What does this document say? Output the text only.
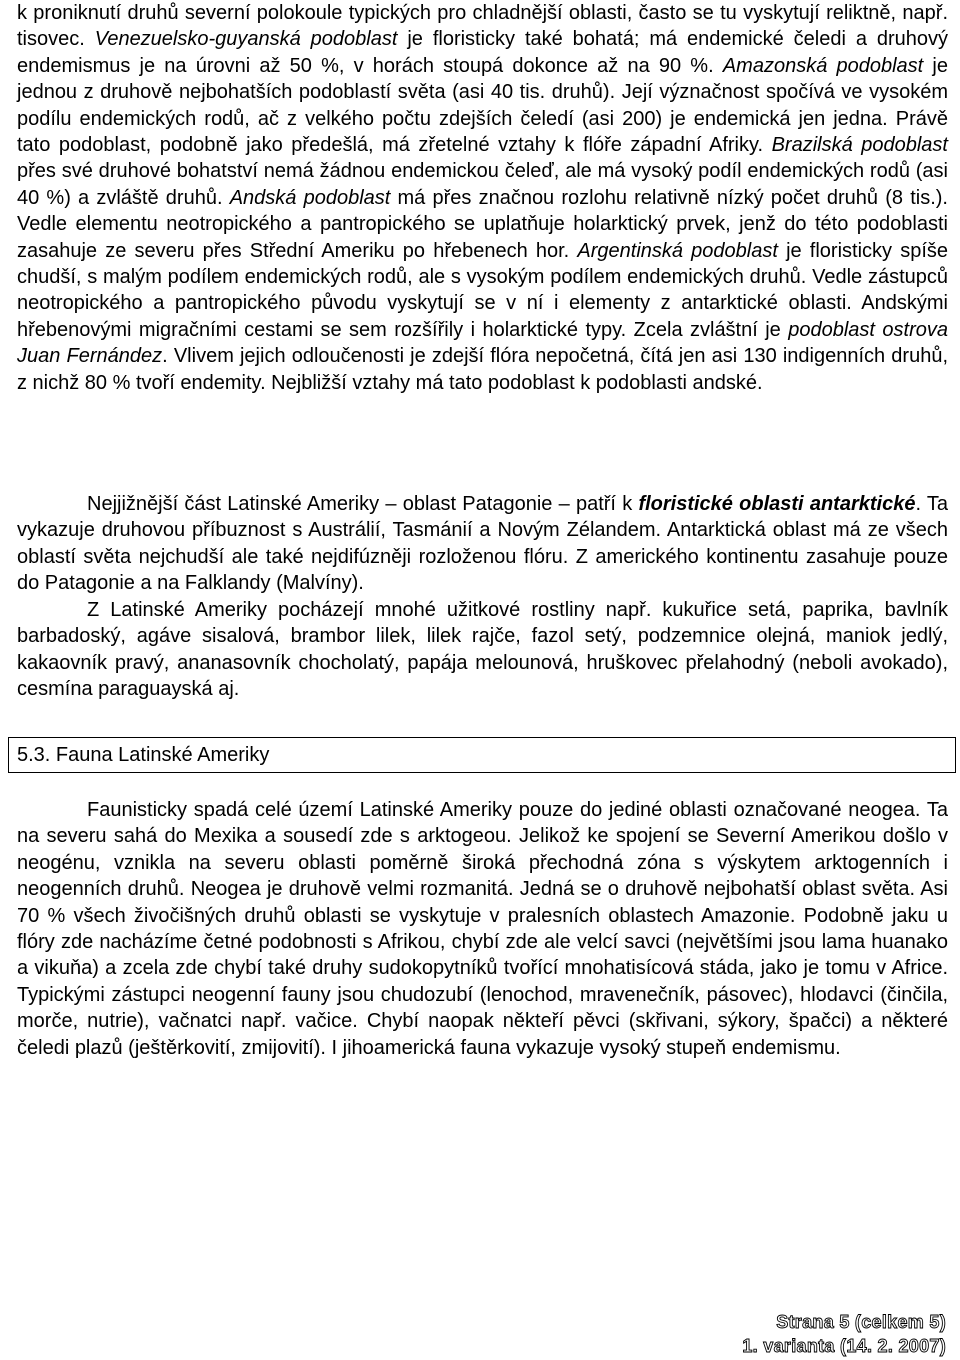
k proniknutí druhů severní polokoule typických pro chladnější oblasti, často se tu vyskytují reliktně, např. tisovec. Venezuelsko-guyanská podoblast je floristicky také bohatá; má endemické čeledi a druhový endemismus je na úrovni až 50 %, v horách stoupá dokonce až na 90 %. Amazonská podoblast je jednou z druhově nejbohatších podoblastí světa (asi 40 tis. druhů). Její význačnost spočívá ve vysokém podílu endemických rodů, ač z velkého počtu zdejších čeledí (asi 200) je endemická jen jedna. Právě tato podoblast, podobně jako předešlá, má zřetelné vztahy k flóře západní Afriky. Brazilská podoblast přes své druhové bohatství nemá žádnou endemickou čeleď, ale má vysoký podíl endemických rodů (asi 40 %) a zvláště druhů. Andská podoblast má přes značnou rozlohu relativně nízký počet druhů (8 tis.). Vedle elementu neotropického a pantropického se uplatňuje holarktický prvek, jenž do této podoblasti zasahuje ze severu přes Střední Ameriku po hřebenech hor. Argentinská podoblast je floristicky spíše chudší, s malým podílem endemických rodů, ale s vysokým podílem endemických druhů. Vedle zástupců neotropického a pantropického původu vyskytují se v ní i elementy z antarktické oblasti. Andskými hřebenovými migračními cestami se sem rozšířily i holarktické typy. Zcela zvláštní je podoblast ostrova Juan Fernández. Vlivem jejich odloučenosti je zdejší flóra nepočetná, čítá jen asi 130 indigenních druhů, z nichž 80 % tvoří endemity. Nejbližší vztahy má tato podoblast k podoblasti andské.

Nejjižnější část Latinské Ameriky – oblast Patagonie – patří k floristické oblasti antarktické. Ta vykazuje druhovou příbuznost s Austrálií, Tasmánií a Novým Zélandem. Antarktická oblast má ze všech oblastí světa nejchudší ale také nejdifúzněji rozloženou flóru. Z amerického kontinentu zasahuje pouze do Patagonie a na Falklandy (Malvíny).

Z Latinské Ameriky pocházejí mnohé užitkové rostliny např. kukuřice setá, paprika, bavlník barbadoský, agáve sisalová, brambor lilek, lilek rajče, fazol setý, podzemnice olejná, maniok jedlý, kakaovník pravý, ananasovník chocholatý, papája melounová, hruškovec přelahodný (neboli avokado), cesmína paraguayská aj.

5.3. Fauna Latinské Ameriky

Faunisticky spadá celé území Latinské Ameriky pouze do jediné oblasti označované neogea. Ta na severu sahá do Mexika a sousedí zde s arktogeou. Jelikož ke spojení se Severní Amerikou došlo v neogénu, vznikla na severu oblasti poměrně široká přechodná zóna s výskytem arktogenních i neogenních druhů. Neogea je druhově velmi rozmanitá. Jedná se o druhově nejbohatší oblast světa. Asi 70 % všech živočišných druhů oblasti se vyskytuje v pralesních oblastech Amazonie. Podobně jaku u flóry zde nacházíme četné podobnosti s Afrikou, chybí zde ale velcí savci (největšími jsou lama huanako a vikuňa) a zcela zde chybí také druhy sudokopytníků tvořící mnohatisícová stáda, jako je tomu v Africe. Typickými zástupci neogenní fauny jsou chudozubí (lenochod, mravenečník, pásovec), hlodavci (činčila, morče, nutrie), vačnatci např. vačice. Chybí naopak někteří pěvci (skřivani, sýkory, špačci) a některé čeledi plazů (ještěrkovití, zmijovití). I jihoamerická fauna vykazuje vysoký stupeň endemismu.

Strana 5 (celkem 5)
1. varianta (14. 2. 2007)
